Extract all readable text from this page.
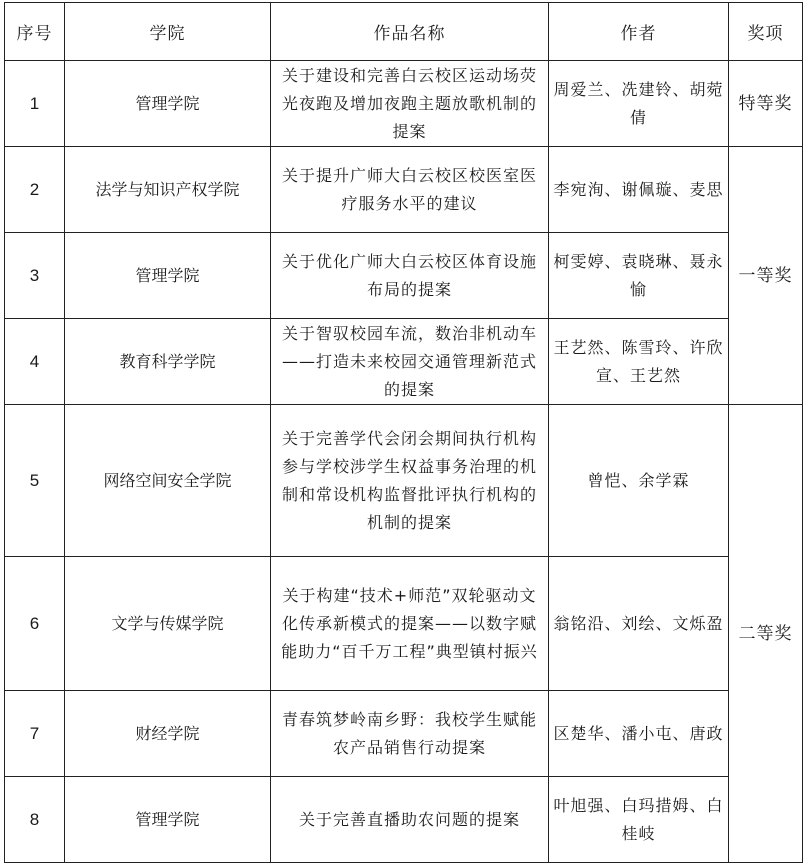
序号	学院	作品名称	作者	奖项
1	管理学院	关于建设和完善白云校区运动场荧光夜跑及增加夜跑主题放歌机制的提案	周爱兰、冼建铃、胡菀倩	特等奖
2	法学与知识产权学院	关于提升广师大白云校区校医室医疗服务水平的建议	李宛洵、谢佩璇、麦思	一等奖
3	管理学院	关于优化广师大白云校区体育设施布局的提案	柯雯婷、袁晓琳、聂永愉	
4	教育科学学院	关于智驭校园车流，数治非机动车——打造未来校园交通管理新范式的提案	王艺然、陈雪玲、许欣宣、王艺然	
5	网络空间安全学院	关于完善学代会闭会期间执行机构参与学校涉学生权益事务治理的机制和常设机构监督批评执行机构的机制的提案	曾恺、余学霖	二等奖
6	文学与传媒学院	关于构建“技术+师范”双轮驱动文化传承新模式的提案——以数字赋能助力“百千万工程”典型镇村振兴	翁铭沿、刘绘、文烁盈	
7	财经学院	青春筑梦岭南乡野：我校学生赋能农产品销售行动提案	区楚华、潘小屯、唐政	
8	管理学院	关于完善直播助农问题的提案	叶旭强、白玛措姆、白桂岐	
